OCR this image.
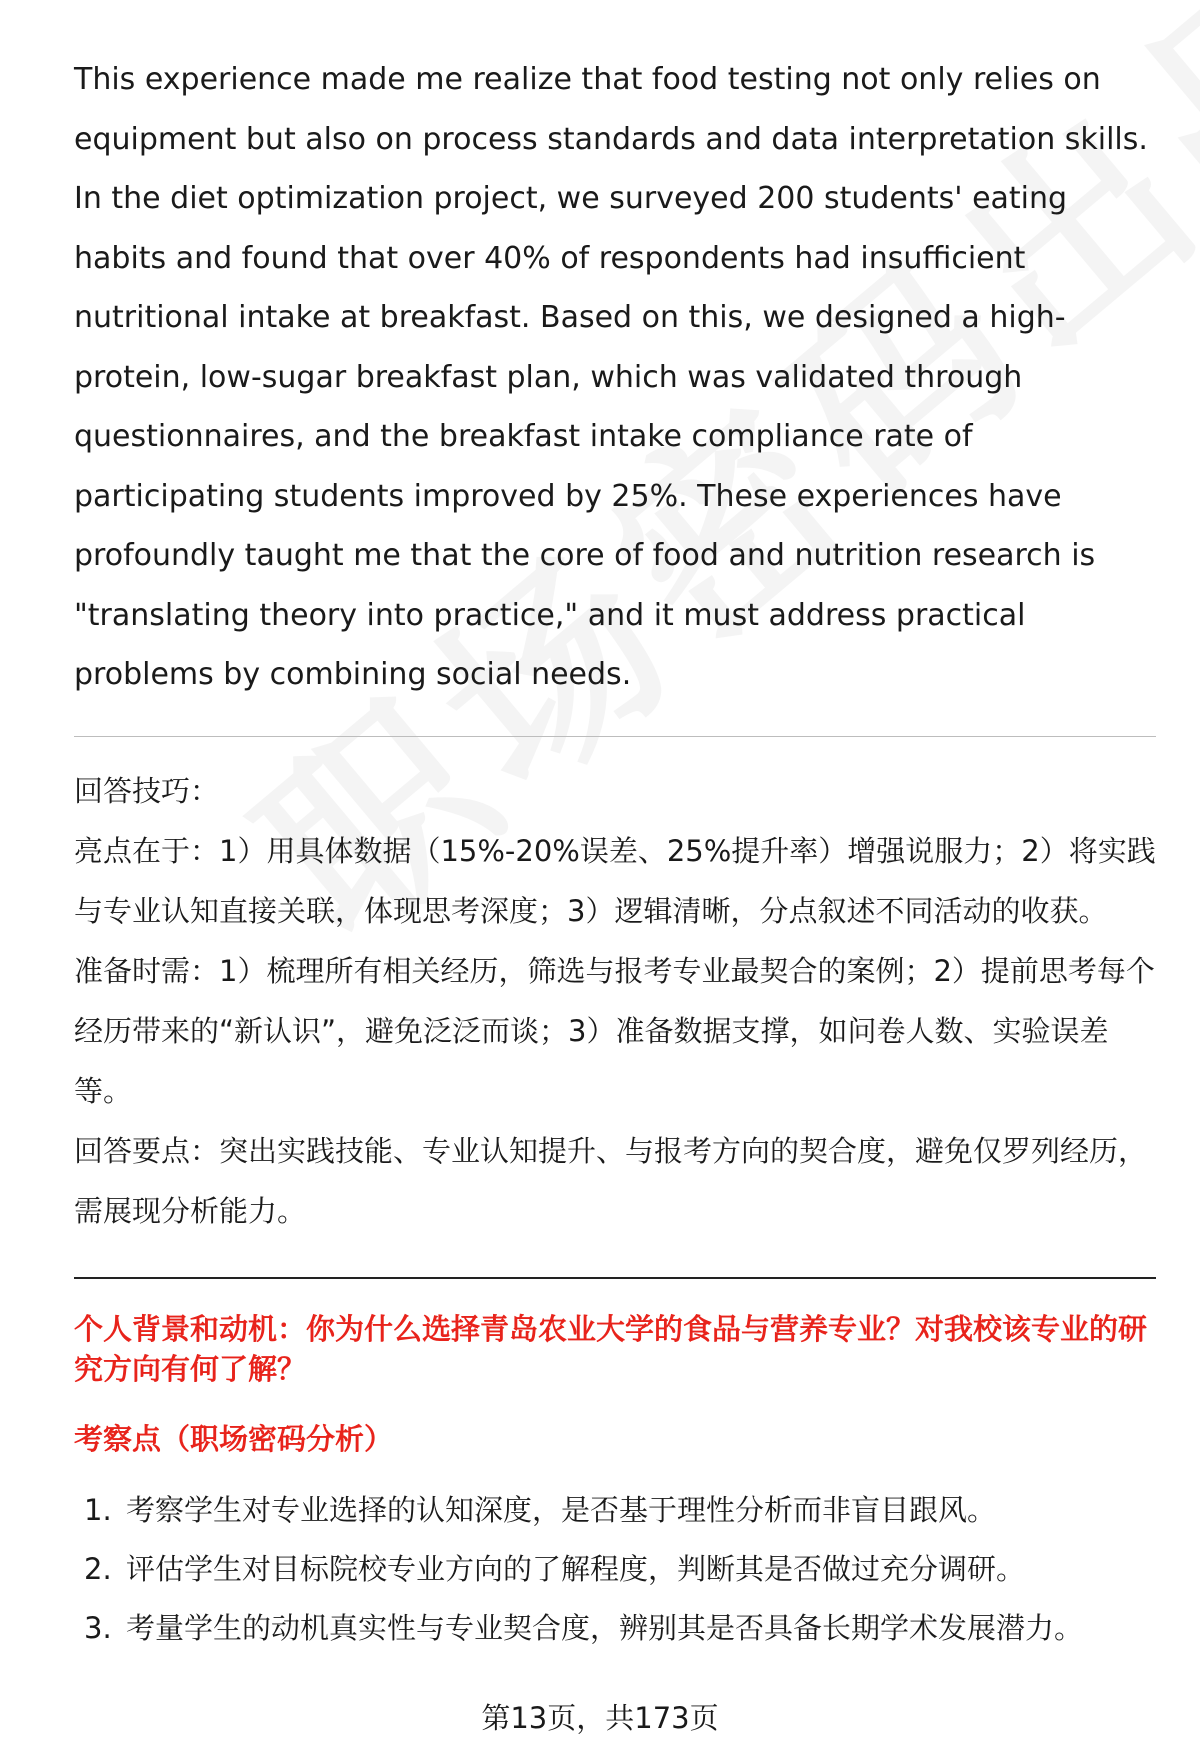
This experience made me realize that food testing not only relies on equipment but also on process standards and data interpretation skills. In the diet optimization project, we surveyed 200 students' eating habits and found that over 40% of respondents had insufficient nutritional intake at breakfast. Based on this, we designed a high-protein, low-sugar breakfast plan, which was validated through questionnaires, and the breakfast intake compliance rate of participating students improved by 25%. These experiences have profoundly taught me that the core of food and nutrition research is "translating theory into practice," and it must address practical problems by combining social needs.

回答技巧：

亮点在于：1）用具体数据（15%-20%误差、25%提升率）增强说服力；2）将实践与专业认知直接关联，体现思考深度；3）逻辑清晰，分点叙述不同活动的收获。

准备时需：1）梳理所有相关经历，筛选与报考专业最契合的案例；2）提前思考每个经历带来的“新认识”，避免泛泛而谈；3）准备数据支撑，如问卷人数、实验误差等。

回答要点：突出实践技能、专业认知提升、与报考方向的契合度，避免仅罗列经历，需展现分析能力。

个人背景和动机：你为什么选择青岛农业大学的食品与营养专业？对我校该专业的研究方向有何了解？
考察点（职场密码分析）
1. 考察学生对专业选择的认知深度，是否基于理性分析而非盲目跟风。
2. 评估学生对目标院校专业方向的了解程度，判断其是否做过充分调研。
3. 考量学生的动机真实性与专业契合度，辨别其是否具备长期学术发展潜力。
第13页，共173页
